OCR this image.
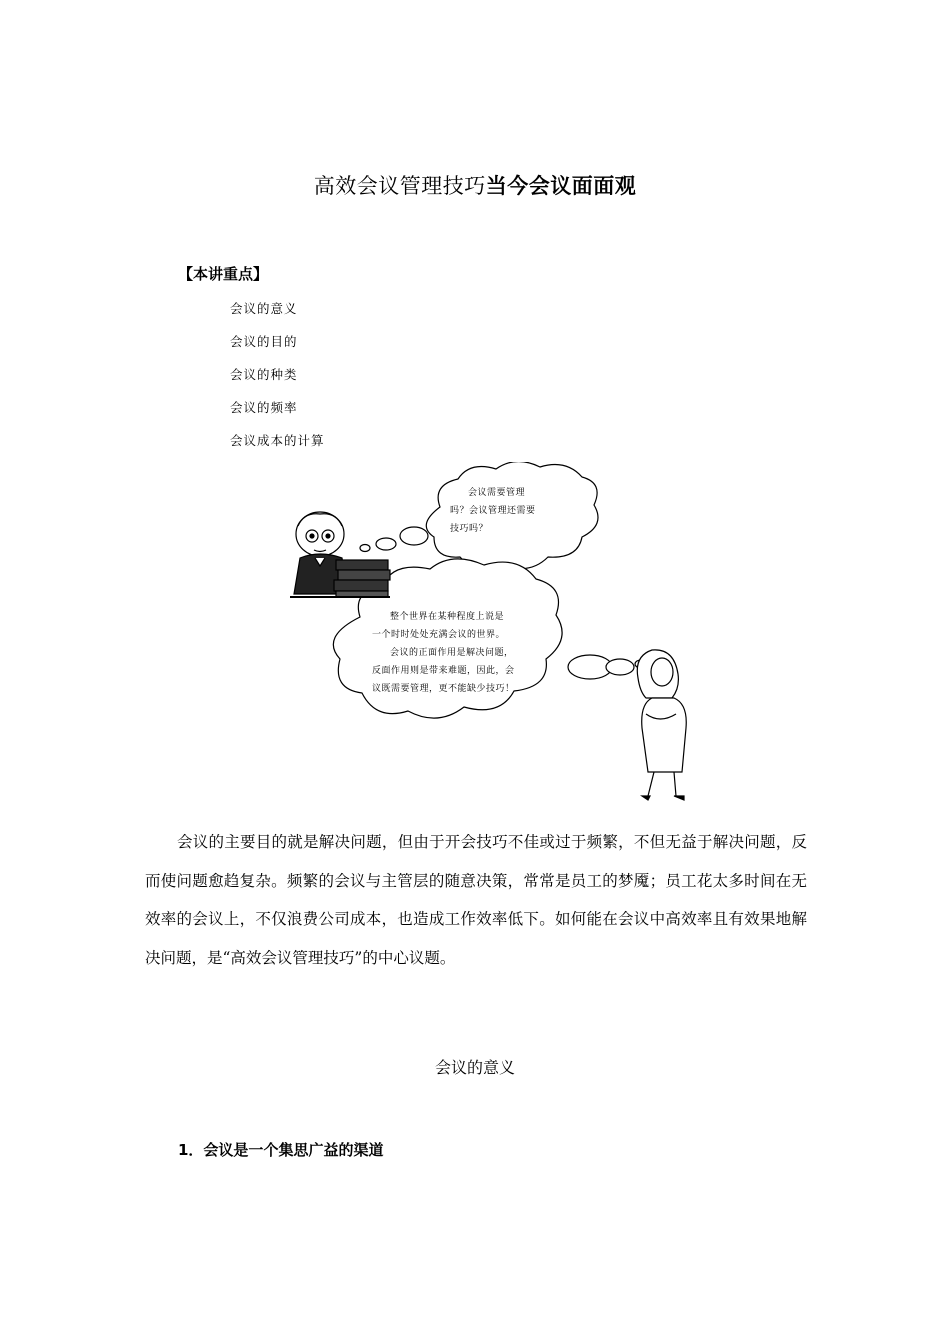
高效会议管理技巧当今会议面面观
【本讲重点】
会议的意义
会议的目的
会议的种类
会议的频率
会议成本的计算
会议需要管理
吗？会议管理还需要
技巧吗？
整个世界在某种程度上说是
一个时时处处充满会议的世界。
会议的正面作用是解决问题，
反面作用则是带来难题，因此，会
议既需要管理，更不能缺少技巧！

会议的主要目的就是解决问题，但由于开会技巧不佳或过于频繁，不但无益于解决问题，反而使问题愈趋复杂。频繁的会议与主管层的随意决策，常常是员工的梦魇；员工花太多时间在无效率的会议上，不仅浪费公司成本，也造成工作效率低下。如何能在会议中高效率且有效果地解决问题，是“高效会议管理技巧”的中心议题。

会议的意义
1．会议是一个集思广益的渠道
